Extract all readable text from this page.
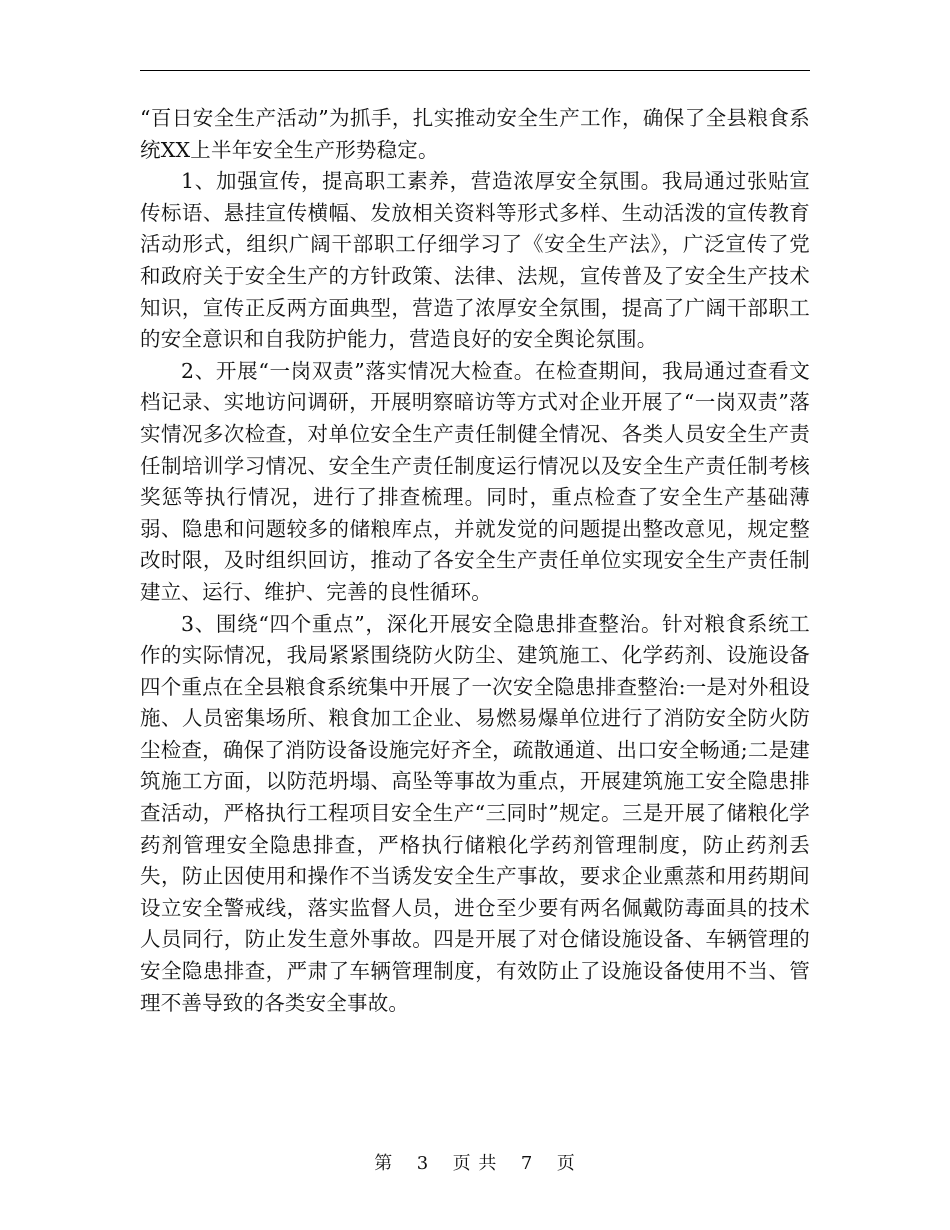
“百日安全生产活动”为抓手，扎实推动安全生产工作，确保了全县粮食系统XX上半年安全生产形势稳定。

1、加强宣传，提高职工素养，营造浓厚安全氛围。我局通过张贴宣传标语、悬挂宣传横幅、发放相关资料等形式多样、生动活泼的宣传教育活动形式，组织广阔干部职工仔细学习了《安全生产法》，广泛宣传了党和政府关于安全生产的方针政策、法律、法规，宣传普及了安全生产技术知识，宣传正反两方面典型，营造了浓厚安全氛围，提高了广阔干部职工的安全意识和自我防护能力，营造良好的安全舆论氛围。

2、开展“一岗双责”落实情况大检查。在检查期间，我局通过查看文档记录、实地访问调研，开展明察暗访等方式对企业开展了“一岗双责”落实情况多次检查，对单位安全生产责任制健全情况、各类人员安全生产责任制培训学习情况、安全生产责任制度运行情况以及安全生产责任制考核奖惩等执行情况，进行了排查梳理。同时，重点检查了安全生产基础薄弱、隐患和问题较多的储粮库点，并就发觉的问题提出整改意见，规定整改时限，及时组织回访，推动了各安全生产责任单位实现安全生产责任制建立、运行、维护、完善的良性循环。

3、围绕“四个重点”，深化开展安全隐患排查整治。针对粮食系统工作的实际情况，我局紧紧围绕防火防尘、建筑施工、化学药剂、设施设备四个重点在全县粮食系统集中开展了一次安全隐患排查整治:一是对外租设施、人员密集场所、粮食加工企业、易燃易爆单位进行了消防安全防火防尘检查，确保了消防设备设施完好齐全，疏散通道、出口安全畅通;二是建筑施工方面，以防范坍塌、高坠等事故为重点，开展建筑施工安全隐患排查活动，严格执行工程项目安全生产“三同时”规定。三是开展了储粮化学药剂管理安全隐患排查，严格执行储粮化学药剂管理制度，防止药剂丢失，防止因使用和操作不当诱发安全生产事故，要求企业熏蒸和用药期间设立安全警戒线，落实监督人员，进仓至少要有两名佩戴防毒面具的技术人员同行，防止发生意外事故。四是开展了对仓储设施设备、车辆管理的安全隐患排查，严肃了车辆管理制度，有效防止了设施设备使用不当、管理不善导致的各类安全事故。

第 3 页 共 7 页
